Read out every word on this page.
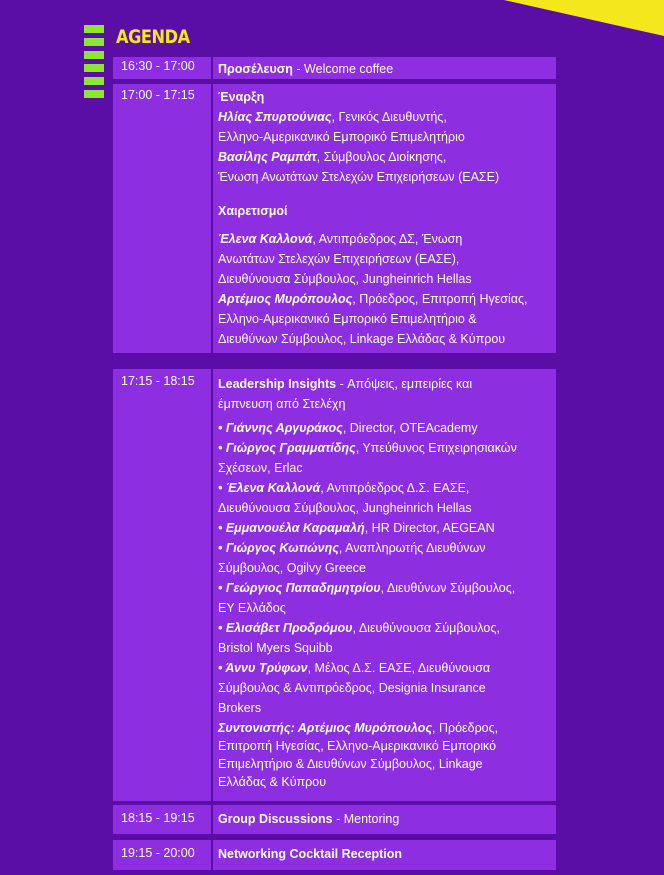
AGENDA
16:30 - 17:00	Προσέλευση - Welcome coffee
17:00 - 17:15	Έναρξη
Ηλίας Σπυρτούνιας, Γενικός Διευθυντής,
Ελληνο-Αμερικανικό Εμπορικό Επιμελητήριο
Βασίλης Ραμπάτ, Σύμβουλος Διοίκησης,
Ένωση Ανωτάτων Στελεχών Επιχειρήσεων (ΕΑΣΕ)
Χαιρετισμοί
Έλενα Καλλονά, Αντιπρόεδρος ΔΣ, Ένωση
Ανωτάτων Στελεχών Επιχειρήσεων (ΕΑΣΕ),
Διευθύνουσα Σύμβουλος, Jungheinrich Hellas
Αρτέμιος Μυρόπουλος, Πρόεδρος, Επιτροπή Ηγεσίας,
Ελληνο-Αμερικανικό Εμπορικό Επιμελητήριο &
Διευθύνων Σύμβουλος, Linkage Ελλάδας & Κύπρου
17:15 - 18:15	Leadership Insights - Απόψεις, εμπειρίες και
έμπνευση από Στελέχη
• Γιάννης Αργυράκος, Director, OTEAcademy
• Γιώργος Γραμματίδης, Υπεύθυνος Επιχειρησιακών
Σχέσεων, Erlac
• Έλενα Καλλονά, Αντιπρόεδρος Δ.Σ. ΕΑΣΕ,
Διευθύνουσα Σύμβουλος, Jungheinrich Hellas
• Εμμανουέλα Καραμαλή, HR Director, AEGEAN
• Γιώργος Κωτιώνης, Αναπληρωτής Διευθύνων
Σύμβουλος, Ogilvy Greece
• Γεώργιος Παπαδημητρίου, Διευθύνων Σύμβουλος,
EY Ελλάδος
• Ελισάβετ Προδρόμου, Διευθύνουσα Σύμβουλος,
Bristol Myers Squibb
• Άννυ Τρύφων, Μέλος Δ.Σ. ΕΑΣΕ, Διευθύνουσα
Σύμβουλος & Αντιπρόεδρος, Designia Insurance
Brokers
Συντονιστής: Αρτέμιος Μυρόπουλος, Πρόεδρος,
Επιτροπή Ηγεσίας, Ελληνο-Αμερικανικό Εμπορικό
Επιμελητήριο & Διευθύνων Σύμβουλος, Linkage
Ελλάδας & Κύπρου
18:15 - 19:15	Group Discussions - Mentoring
19:15 - 20:00	Networking Cocktail Reception
